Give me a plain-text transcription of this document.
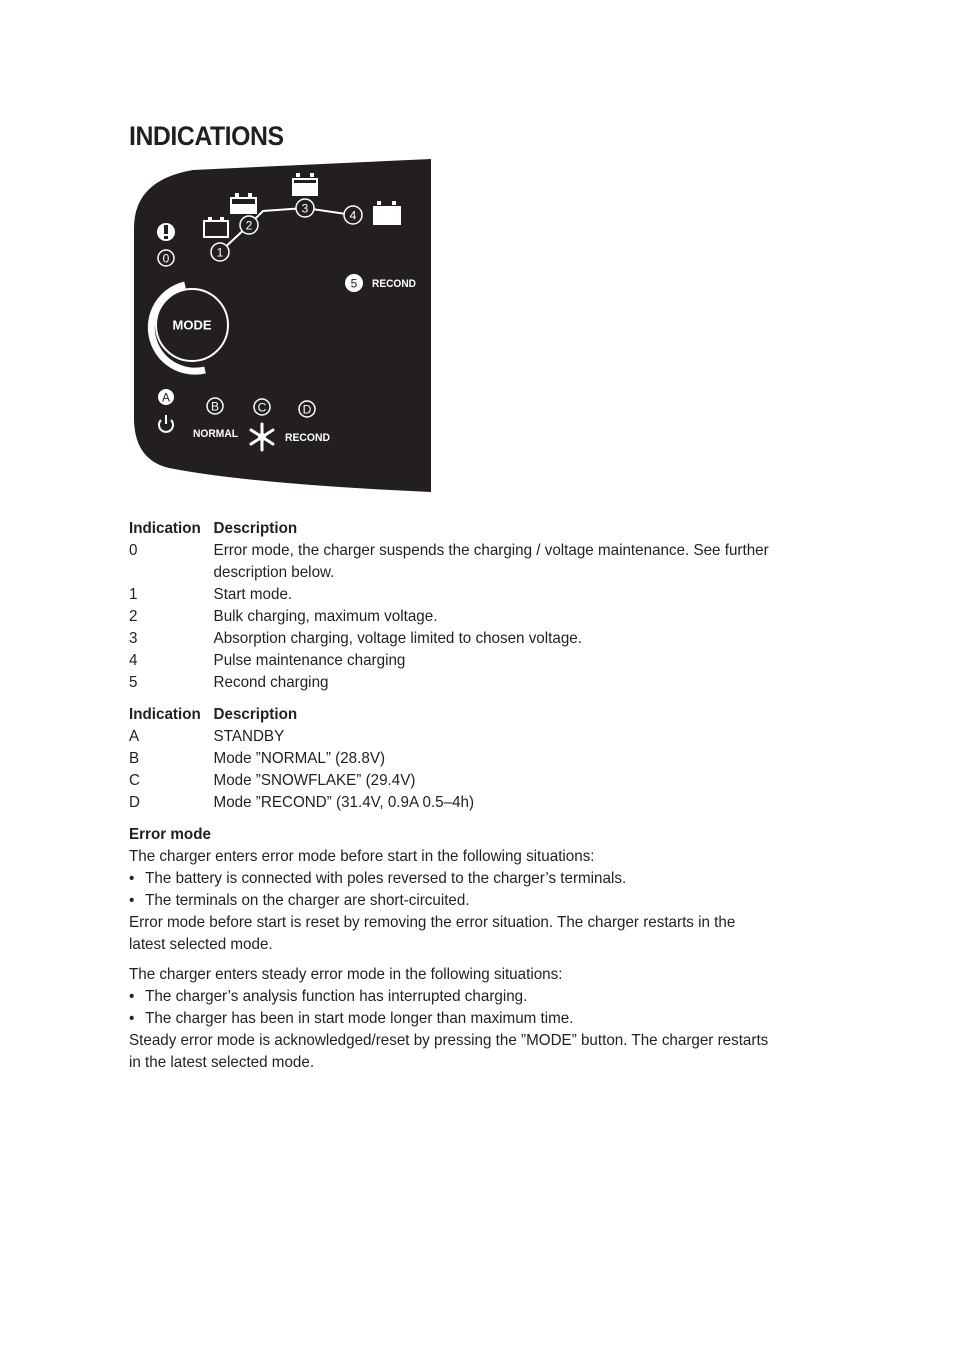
INDICATIONS
0	1
2
3	4
5 RECOND
MODE
A
B
NORMAL
C	D
RECOND
Indication Description
0	Error mode, the charger suspends the charging / voltage maintenance. See further description below.
1	Start mode.
2	Bulk charging, maximum voltage.
3	Absorption charging, voltage limited to chosen voltage.
4	Pulse maintenance charging
5	Recond charging
Indication Description
A	STANDBY
B	Mode ”NORMAL” (28.8V)
C	Mode ”SNOWFLAKE” (29.4V)
D	Mode ”RECOND” (31.4V, 0.9A 0.5–4h)

Error mode

The charger enters error mode before start in the following situations:

• The battery is connected with poles reversed to the charger’s terminals.
• The terminals on the charger are short-circuited.

Error mode before start is reset by removing the error situation. The charger restarts in the latest selected mode.

The charger enters steady error mode in the following situations:

• The charger’s analysis function has interrupted charging.
• The charger has been in start mode longer than maximum time.

Steady error mode is acknowledged/reset by pressing the ”MODE” button. The charger restarts in the latest selected mode.
